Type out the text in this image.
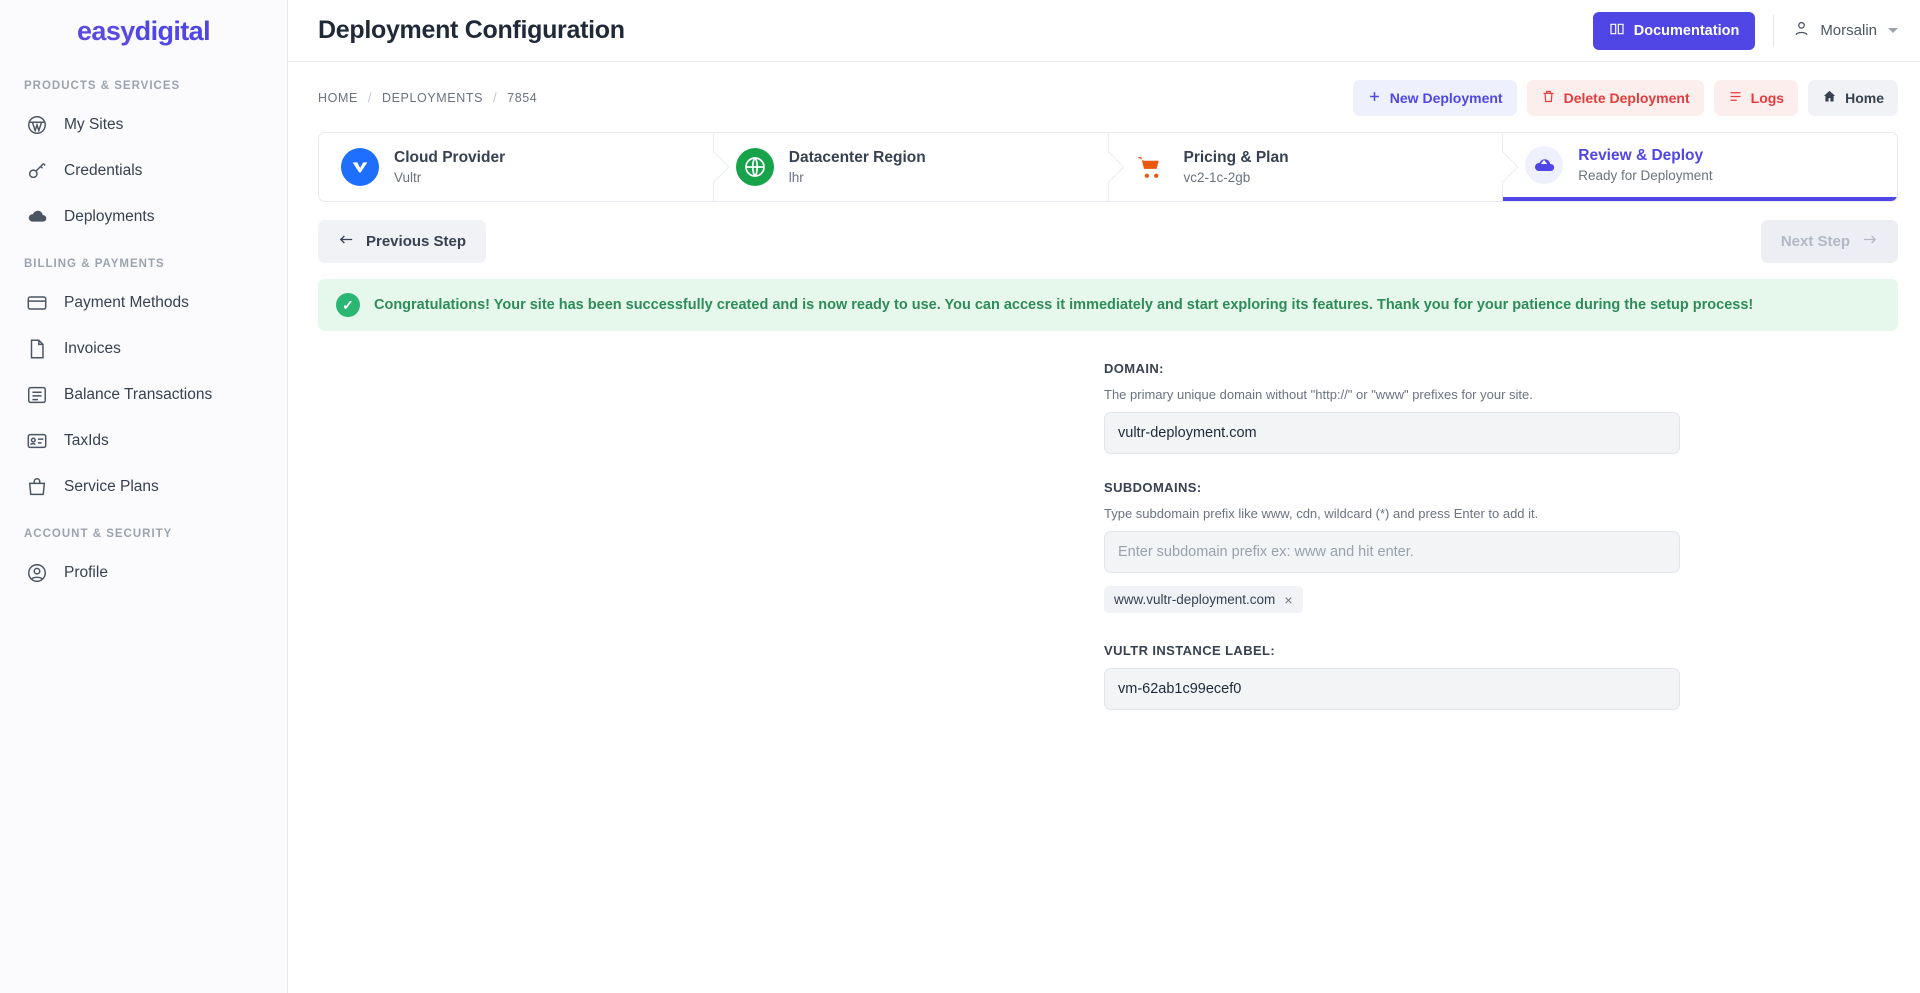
easy digital
PRODUCTS & SERVICES
My Sites
Credentials
Deployments
BILLING & PAYMENTS
Payment Methods
Invoices
Balance Transactions
TaxIds
Service Plans
ACCOUNT & SECURITY
Profile
Deployment Configuration	Documentation	Morsalin
HOME / DEPLOYMENTS / 7854	New Deployment	Delete Deployment	Logs	Home
Cloud Provider
Vultr
Datacenter Region
lhr
Pricing & Plan
vc2-1c-2gb
Review & Deploy
Ready for Deployment
Previous Step	Next Step
✓	Congratulations! Your site has been successfully created and is now ready to use. You can access it immediately and start exploring its features. Thank you for your patience during the setup process!
DOMAIN:
The primary unique domain without "http://" or "www" prefixes for your site.
vultr-deployment.com
SUBDOMAINS:
Type subdomain prefix like www, cdn, wildcard (*) and press Enter to add it.
Enter subdomain prefix ex: www and hit enter.
www.vultr-deployment.com ×
VULTR INSTANCE LABEL:
vm-62ab1c99ecef0
